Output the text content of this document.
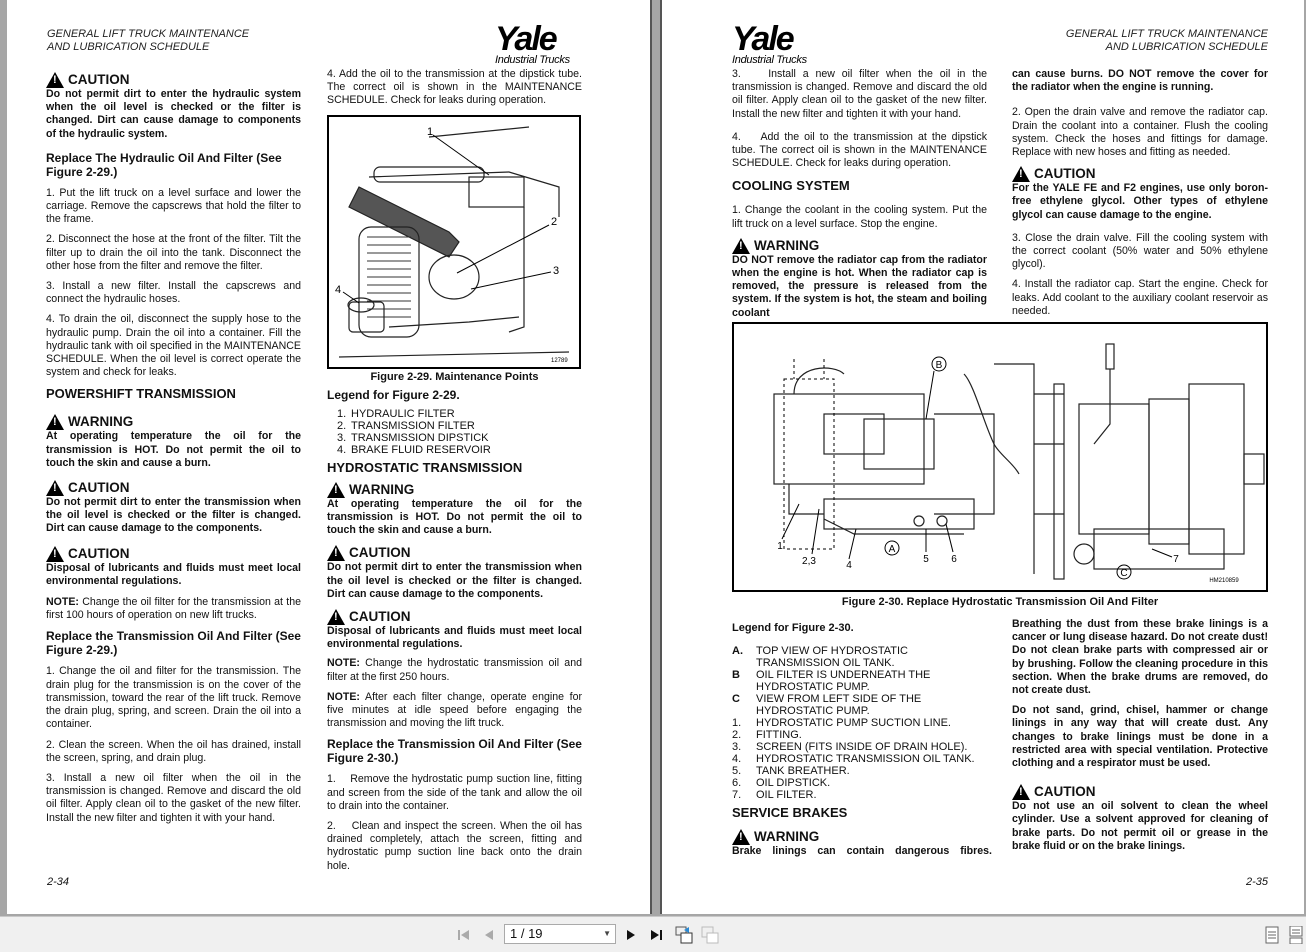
GENERAL LIFT TRUCK MAINTENANCE
AND LUBRICATION SCHEDULE	Yale
Industrial Trucks
!
CAUTION
Do not permit dirt to enter the hydraulic system when the oil level is checked or the filter is changed. Dirt can cause damage to components of the hydraulic system.
Replace The Hydraulic Oil And Filter (See Figure 2-29.)

1. Put the lift truck on a level surface and lower the carriage. Remove the capscrews that hold the filter to the frame.

2. Disconnect the hose at the front of the filter. Tilt the filter up to drain the oil into the tank. Disconnect the other hose from the filter and remove the filter.

3. Install a new filter. Install the capscrews and connect the hydraulic hoses.

4. To drain the oil, disconnect the supply hose to the hydraulic pump. Drain the oil into a container. Fill the hydraulic tank with oil specified in the MAINTENANCE SCHEDULE. When the oil level is correct operate the system and check for leaks.

POWERSHIFT TRANSMISSION
!
WARNING
At operating temperature the oil for the transmission is HOT. Do not permit the oil to touch the skin and cause a burn.
!
CAUTION
Do not permit dirt to enter the transmission when the oil level is checked or the filter is changed. Dirt can cause damage to the components.
!
CAUTION
Disposal of lubricants and fluids must meet local environmental regulations.

NOTE: Change the oil filter for the transmission at the first 100 hours of operation on new lift trucks.

Replace the Transmission Oil And Filter (See Figure 2-29.)

1. Change the oil and filter for the transmission. The drain plug for the transmission is on the cover of the transmission, toward the rear of the lift truck. Remove the drain plug, spring, and screen. Drain the oil into a container.

2. Clean the screen. When the oil has drained, install the screen, spring, and drain plug.

3. Install a new oil filter when the oil in the transmission is changed. Remove and discard the old oil filter. Apply clean oil to the gasket of the new filter. Install the new filter and tighten it with your hand.

4. Add the oil to the transmission at the dipstick tube. The correct oil is shown in the MAINTENANCE SCHEDULE. Check for leaks during operation.

1
2
3
4
12789
Figure 2-29. Maintenance Points
Legend for Figure 2-29.
1. HYDRAULIC FILTER
2. TRANSMISSION FILTER
3. TRANSMISSION DIPSTICK
4. BRAKE FLUID RESERVOIR
HYDROSTATIC TRANSMISSION
!
WARNING
At operating temperature the oil for the transmission is HOT. Do not permit the oil to touch the skin and cause a burn.
!
CAUTION
Do not permit dirt to enter the transmission when the oil level is checked or the filter is changed. Dirt can cause damage to the components.
!
CAUTION
Disposal of lubricants and fluids must meet local environmental regulations.

NOTE: Change the hydrostatic transmission oil and filter at the first 250 hours.

NOTE: After each filter change, operate engine for five minutes at idle speed before engaging the transmission and moving the lift truck.

Replace the Transmission Oil And Filter (See Figure 2-30.)

1.    Remove the hydrostatic pump suction line, fitting and screen from the side of the tank and allow the oil to drain into the container.

2.    Clean and inspect the screen. When the oil has drained completely, attach the screen, fitting and hydrostatic pump suction line back onto the drain hole.

2-34
Yale
Industrial Trucks
GENERAL LIFT TRUCK MAINTENANCE
AND LUBRICATION SCHEDULE

3.    Install a new oil filter when the oil in the transmission is changed. Remove and discard the old oil filter. Apply clean oil to the gasket of the new filter. Install the new filter and tighten it with your hand.

4.    Add the oil to the transmission at the dipstick tube. The correct oil is shown in the MAINTENANCE SCHEDULE. Check for leaks during operation.

COOLING SYSTEM

1. Change the coolant in the cooling system. Put the lift truck on a level surface. Stop the engine.

!
WARNING
DO NOT remove the radiator cap from the radiator when the engine is hot. When the radiator cap is removed, the pressure is released from the system. If the system is hot, the steam and boiling coolant

can cause burns. DO NOT remove the cover for the radiator when the engine is running.

2. Open the drain valve and remove the radiator cap. Drain the coolant into a container. Flush the cooling system. Check the hoses and fittings for damage. Replace with new hoses and fitting as needed.

!
CAUTION
For the YALE FE and F2 engines, use only boron-free ethylene glycol. Other types of ethylene glycol can cause damage to the engine.

3. Close the drain valve. Fill the cooling system with the correct coolant (50% water and 50% ethylene glycol).

4. Install the radiator cap. Start the engine. Check for leaks. Add coolant to the auxiliary coolant reservoir as needed.

A
B
C
1
2,3	4
5 6	7
HM210859
Figure 2-30. Replace Hydrostatic Transmission Oil And Filter
Legend for Figure 2-30.
A.	TOP VIEW OF HYDROSTATIC TRANSMISSION OIL TANK.
B	OIL FILTER IS UNDERNEATH THE HYDROSTATIC PUMP.
C	VIEW FROM LEFT SIDE OF THE HYDROSTATIC PUMP.
1.	HYDROSTATIC PUMP SUCTION LINE.
2.	FITTING.
3.	SCREEN (FITS INSIDE OF DRAIN HOLE).
4.	HYDROSTATIC TRANSMISSION OIL TANK.
5.	TANK BREATHER.
6.	OIL DIPSTICK.
7.	OIL FILTER.
SERVICE BRAKES
!
WARNING
Brake linings can contain dangerous fibres.

Breathing the dust from these brake linings is a cancer or lung disease hazard. Do not create dust! Do not clean brake parts with compressed air or by brushing. Follow the cleaning procedure in this section. When the brake drums are removed, do not create dust.

Do not sand, grind, chisel, hammer or change linings in any way that will create dust. Any changes to brake linings must be done in a restricted area with special ventilation. Protective clothing and a respirator must be used.

!
CAUTION
Do not use an oil solvent to clean the wheel cylinder. Use a solvent approved for cleaning of brake parts. Do not permit oil or grease in the brake fluid or on the brake linings.
2-35
1 / 19	▼
